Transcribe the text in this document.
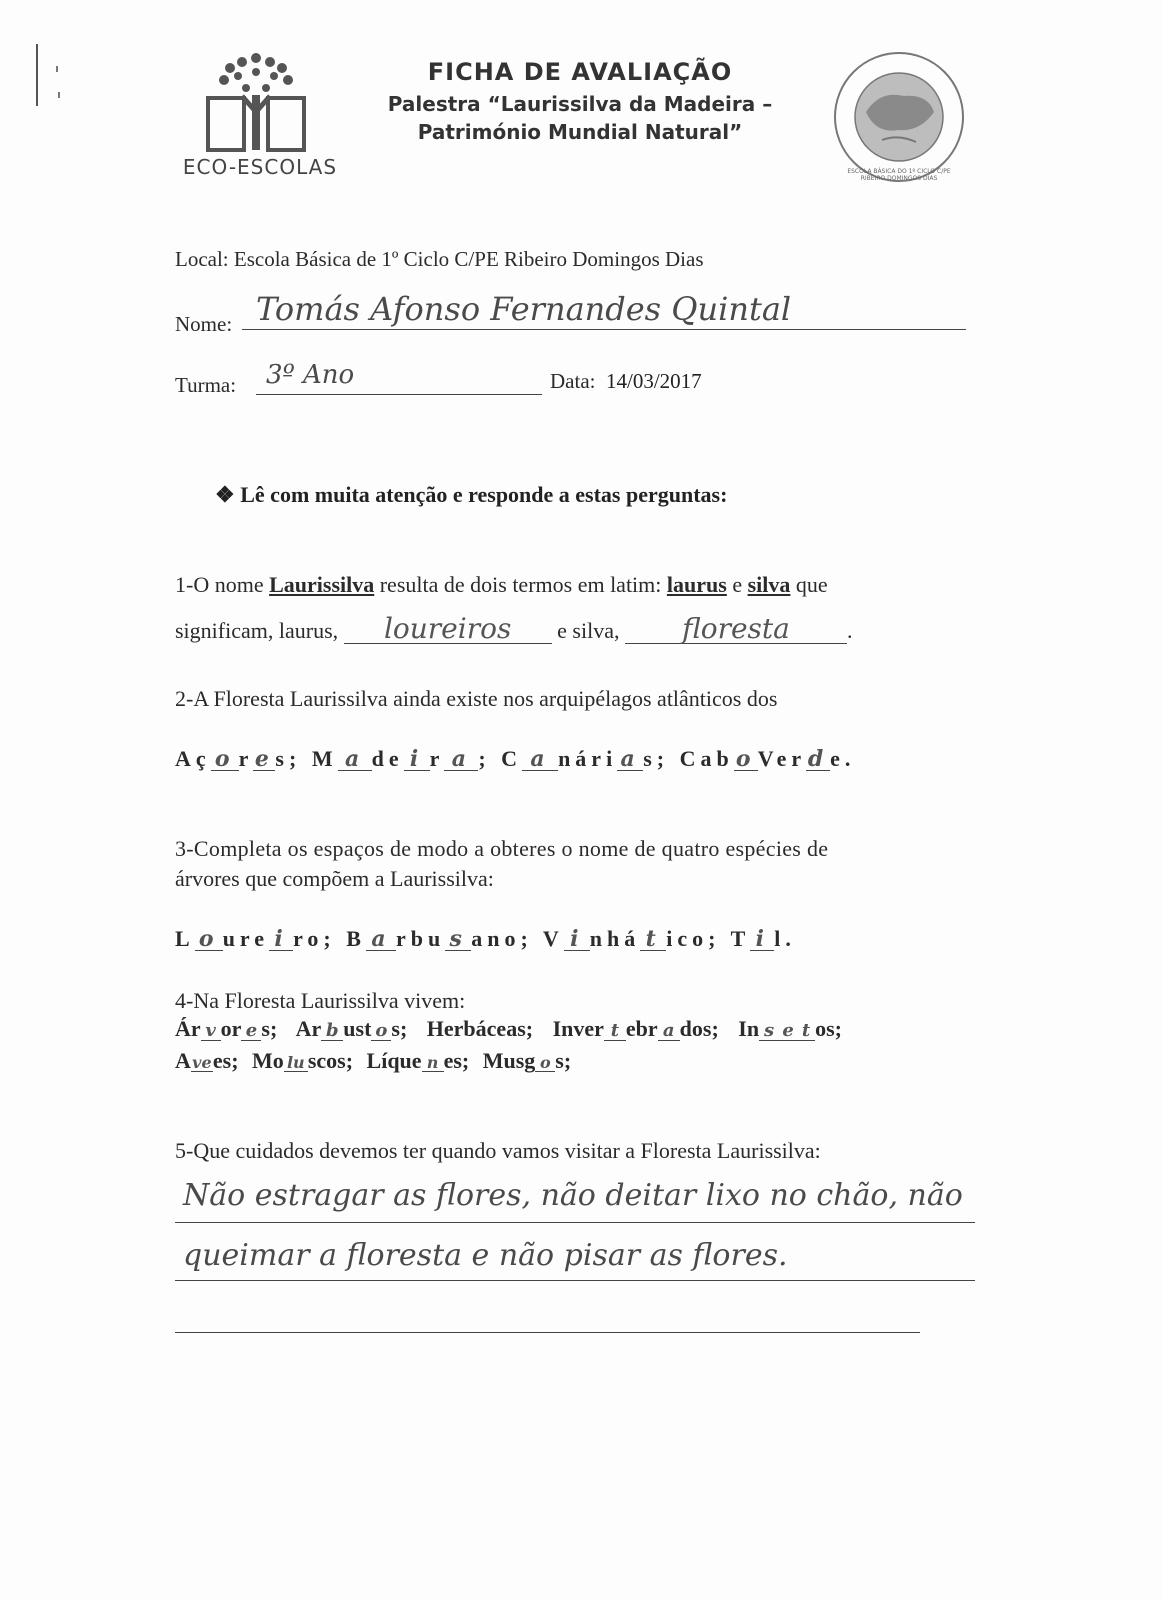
ECO-ESCOLAS
FICHA DE AVALIAÇÃO
Palestra “Laurissilva da Madeira –
Património Mundial Natural”
ESCOLA BÁSICA DO 1º CICLO C/PE RIBEIRO DOMINGOS DIAS
Local: Escola Básica de 1º Ciclo C/PE Ribeiro Domingos Dias
Nome: Tomás Afonso Fernandes Quintal
Turma: 3º Ano	Data: 14/03/2017
❖ Lê com muita atenção e responde a estas perguntas:
1-O nome Laurissilva resulta de dois termos em latim: laurus e silva que
significam, laurus, loureiros e silva, floresta	.
2-A Floresta Laurissilva ainda existe nos arquipélagos atlânticos dos
Aç o res; M a de i r a ; C a nári a s; CaboVerde.
3-Completa os espaços de modo a obteres o nome de quatro espécies de
árvores que compõem a Laurissilva:
L o ure i ro; B a rbu s ano; V i nhá t ico; T i l.
4-Na Floresta Laurissilva vivem:
Ár v or e s; Ar b ust o s; Herbáceas; Inver t ebr a dos; In s e t os;
Avees; Mo lu scos; Líque n es; Musg o s;
5-Que cuidados devemos ter quando vamos visitar a Floresta Laurissilva:
Não estragar as flores, não deitar lixo no chão, não
queimar a floresta e não pisar as flores.
